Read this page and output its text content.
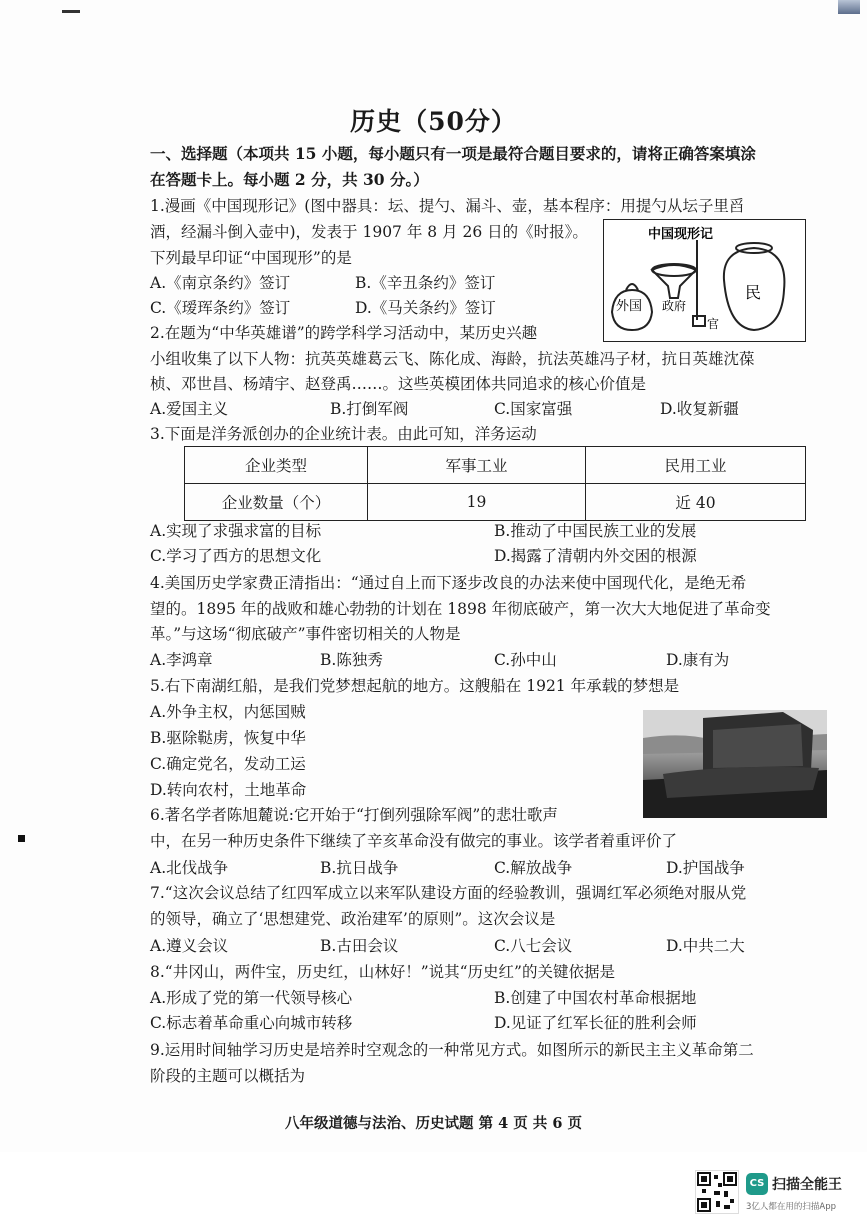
历史（50分）
一、选择题（本项共 15 小题，每小题只有一项是最符合题目要求的，请将正确答案填涂
在答题卡上。每小题 2 分，共 30 分。）
1.漫画《中国现形记》(图中器具：坛、提勺、漏斗、壶，基本程序：用提勺从坛子里舀
酒，经漏斗倒入壶中)，发表于 1907 年 8 月 26 日的《时报》。
下列最早印证“中国现形”的是
A.《南京条约》签订	B.《辛丑条约》签订
C.《瑷珲条约》签订	D.《马关条约》签订
中国现形记
外国 政府
官
民
2.在题为“中华英雄谱”的跨学科学习活动中，某历史兴趣
小组收集了以下人物：抗英英雄葛云飞、陈化成、海龄，抗法英雄冯子材，抗日英雄沈葆
桢、邓世昌、杨靖宇、赵登禹……。这些英模团体共同追求的核心价值是
A.爱国主义	B.打倒军阀	C.国家富强	D.收复新疆
3.下面是洋务派创办的企业统计表。由此可知，洋务运动
企业类型	军事工业	民用工业
企业数量（个）	19	近 40
A.实现了求强求富的目标	B.推动了中国民族工业的发展
C.学习了西方的思想文化	D.揭露了清朝内外交困的根源
4.美国历史学家费正清指出：“通过自上而下逐步改良的办法来使中国现代化，是绝无希
望的。1895 年的战败和雄心勃勃的计划在 1898 年彻底破产，第一次大大地促进了革命变
革。”与这场“彻底破产”事件密切相关的人物是
A.李鸿章	B.陈独秀	C.孙中山	D.康有为
5.右下南湖红船，是我们党梦想起航的地方。这艘船在 1921 年承载的梦想是
A.外争主权，内惩国贼
B.驱除鞑虏，恢复中华
C.确定党名，发动工运
D.转向农村，土地革命
6.著名学者陈旭麓说:它开始于“打倒列强除军阀”的悲壮歌声
中，在另一种历史条件下继续了辛亥革命没有做完的事业。该学者着重评价了
A.北伐战争	B.抗日战争	C.解放战争	D.护国战争
7.“这次会议总结了红四军成立以来军队建设方面的经验教训，强调红军必须绝对服从党
的领导，确立了‘思想建党、政治建军’的原则”。这次会议是
A.遵义会议	B.古田会议	C.八七会议	D.中共二大
8.“井冈山，两件宝，历史红，山林好！”说其“历史红”的关键依据是
A.形成了党的第一代领导核心	B.创建了中国农村革命根据地
C.标志着革命重心向城市转移	D.见证了红军长征的胜利会师
9.运用时间轴学习历史是培养时空观念的一种常见方式。如图所示的新民主主义革命第二
阶段的主题可以概括为
八年级道德与法治、历史试题 第 4 页 共 6 页
CS 扫描全能王
3亿人都在用的扫描App
